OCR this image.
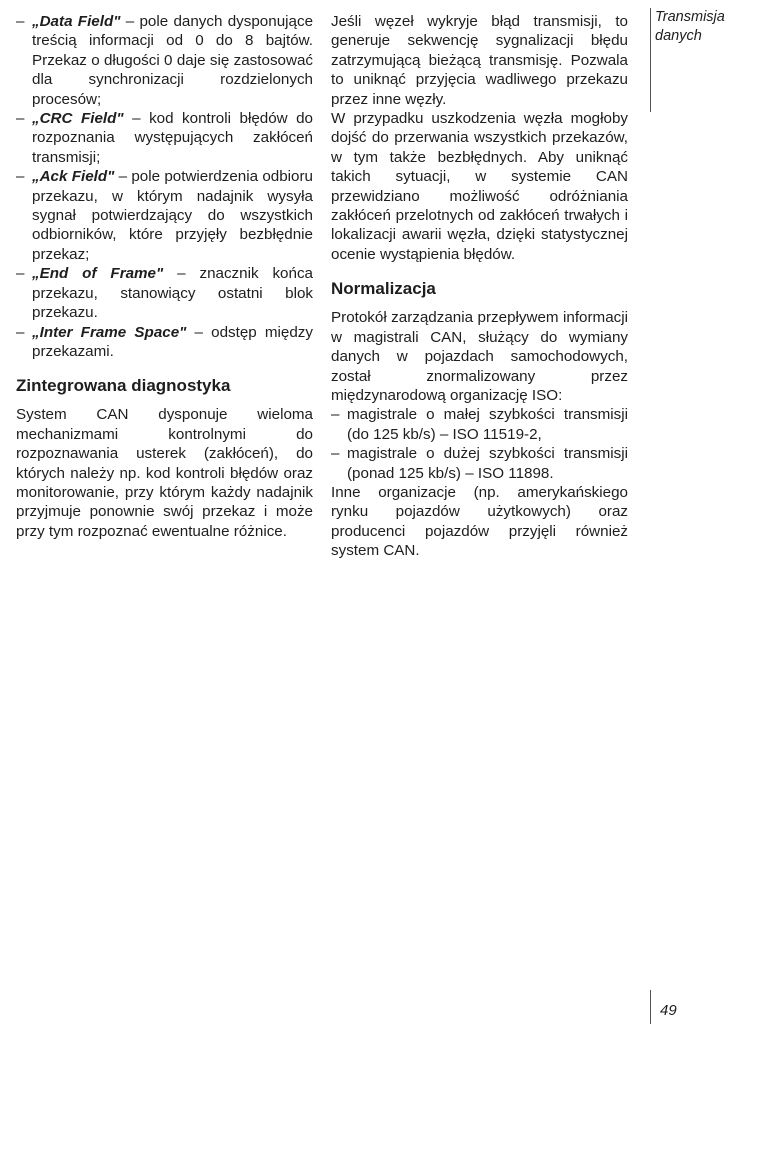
– „Data Field" – pole danych dysponujące treścią informacji od 0 do 8 bajtów. Przekaz o długości 0 daje się zastosować dla synchronizacji rozdzielonych procesów;
– „CRC Field" – kod kontroli błędów do rozpoznania występujących zakłóceń transmisji;
– „Ack Field" – pole potwierdzenia odbioru przekazu, w którym nadajnik wysyła sygnał potwierdzający do wszystkich odbiorników, które przyjęły bezbłędnie przekaz;
– „End of Frame" – znacznik końca przekazu, stanowiący ostatni blok przekazu.
– „Inter Frame Space" – odstęp między przekazami.
Zintegrowana diagnostyka

System CAN dysponuje wieloma mechanizmami kontrolnymi do rozpoznawania usterek (zakłóceń), do których należy np. kod kontroli błędów oraz monitorowanie, przy którym każdy nadajnik przyjmuje ponownie swój przekaz i może przy tym rozpoznać ewentualne różnice.

Jeśli węzeł wykryje błąd transmisji, to generuje sekwencję sygnalizacji błędu zatrzymującą bieżącą transmisję. Pozwala to uniknąć przyjęcia wadliwego przekazu przez inne węzły.

W przypadku uszkodzenia węzła mogłoby dojść do przerwania wszystkich przekazów, w tym także bezbłędnych. Aby uniknąć takich sytuacji, w systemie CAN przewidziano możliwość odróżniania zakłóceń przelotnych od zakłóceń trwałych i lokalizacji awarii węzła, dzięki statystycznej ocenie wystąpienia błędów.

Normalizacja

Protokół zarządzania przepływem informacji w magistrali CAN, służący do wymiany danych w pojazdach samochodowych, został znormalizowany przez międzynarodową organizację ISO:

– magistrale o małej szybkości transmisji (do 125 kb/s) – ISO 11519-2,
– magistrale o dużej szybkości transmisji (ponad 125 kb/s) – ISO 11898.

Inne organizacje (np. amerykańskiego rynku pojazdów użytkowych) oraz producenci pojazdów przyjęli również system CAN.

Transmisja
danych
49
